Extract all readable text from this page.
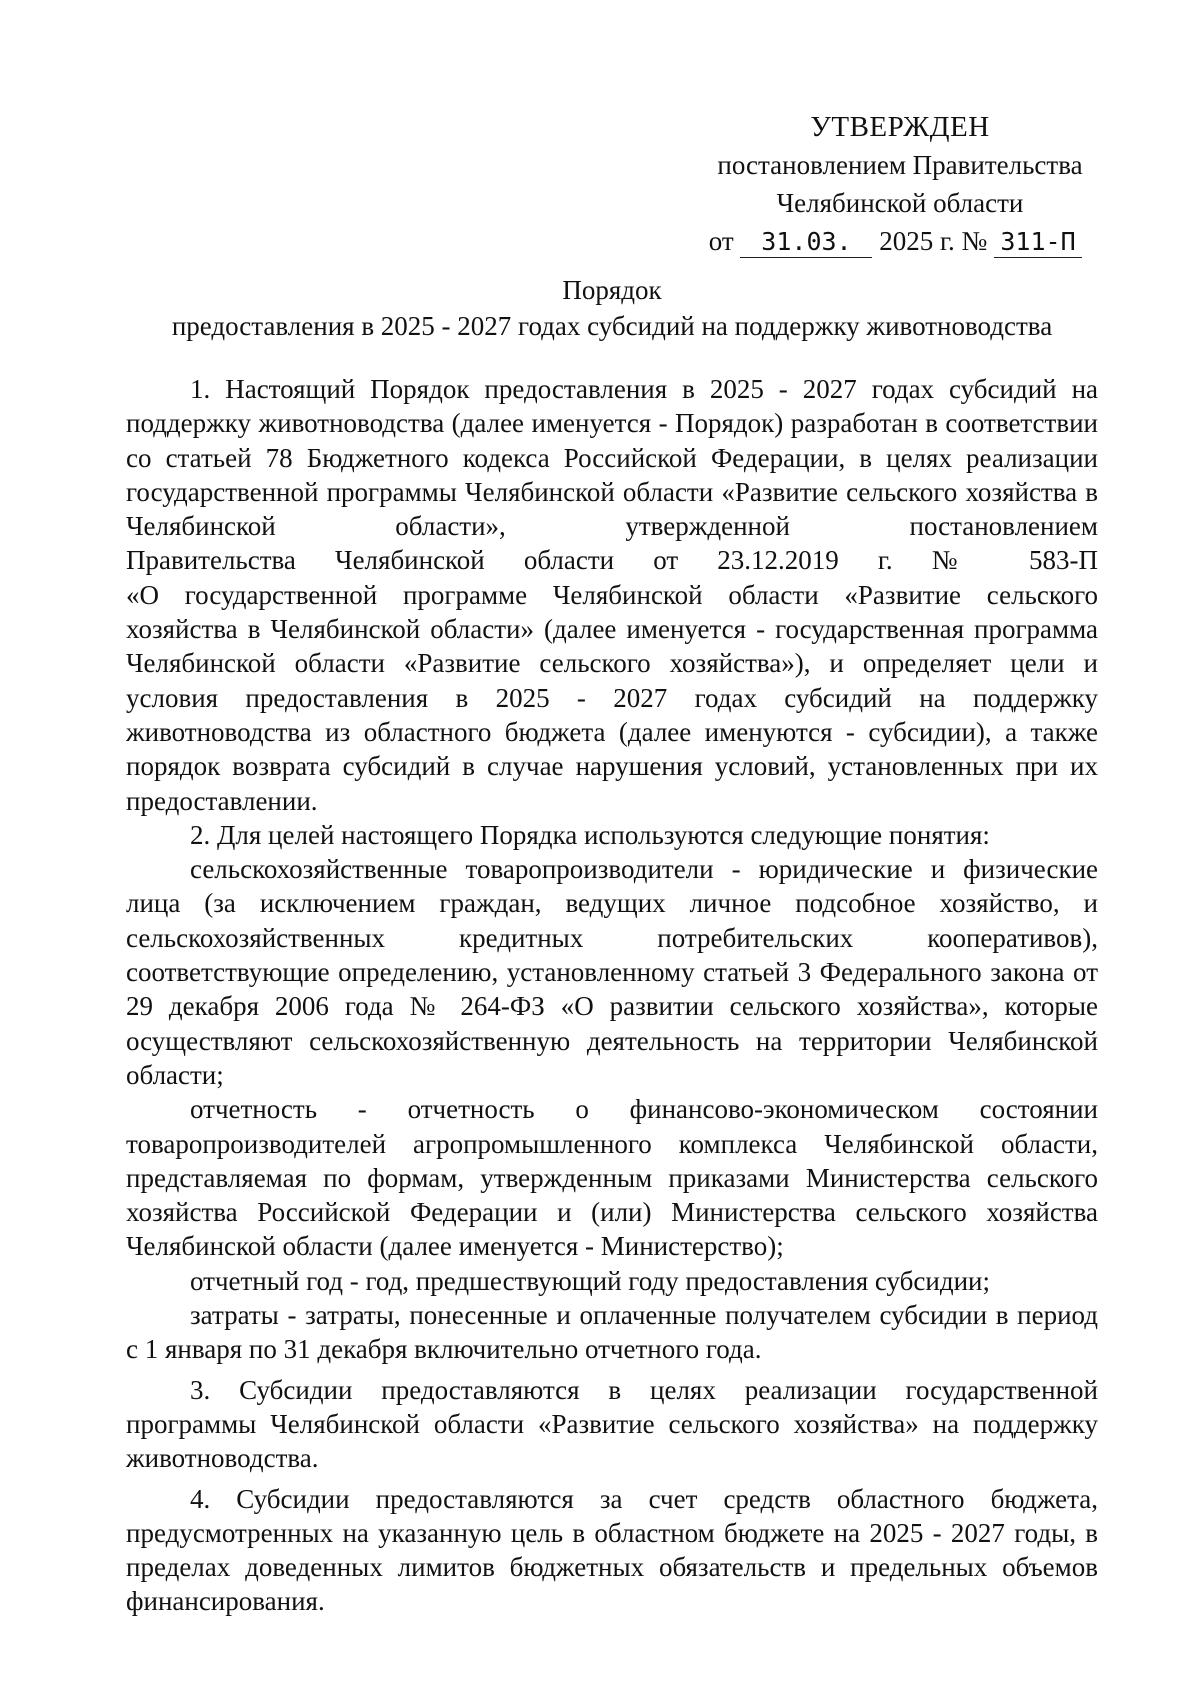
УТВЕРЖДЕН
постановлением Правительства
Челябинской области
от 31.03. 2025 г. № 311-П
Порядок
предоставления в 2025 - 2027 годах субсидий на поддержку животноводства

1. Настоящий Порядок предоставления в 2025 - 2027 годах субсидий на поддержку животноводства (далее именуется - Порядок) разработан в соответствии со статьей 78 Бюджетного кодекса Российской Федерации, в целях реализации государственной программы Челябинской области «Развитие сельского хозяйства в Челябинской области», утвержденной постановлением

Правительства Челябинской области от 23.12.2019 г. № 583-П

«О государственной программе Челябинской области «Развитие сельского хозяйства в Челябинской области» (далее именуется - государственная программа Челябинской области «Развитие сельского хозяйства»), и определяет цели и условия предоставления в 2025 - 2027 годах субсидий на поддержку животноводства из областного бюджета (далее именуются - субсидии), а также порядок возврата субсидий в случае нарушения условий, установленных при их предоставлении.

2. Для целей настоящего Порядка используются следующие понятия:

сельскохозяйственные товаропроизводители - юридические и физические лица (за исключением граждан, ведущих личное подсобное хозяйство, и сельскохозяйственных кредитных потребительских кооперативов), соответствующие определению, установленному статьей 3 Федерального закона от 29 декабря 2006 года № 264-ФЗ «О развитии сельского хозяйства», которые осуществляют сельскохозяйственную деятельность на территории Челябинской области;

отчетность - отчетность о финансово-экономическом состоянии товаропроизводителей агропромышленного комплекса Челябинской области, представляемая по формам, утвержденным приказами Министерства сельского хозяйства Российской Федерации и (или) Министерства сельского хозяйства Челябинской области (далее именуется - Министерство);

отчетный год - год, предшествующий году предоставления субсидии;

затраты - затраты, понесенные и оплаченные получателем субсидии в период с 1 января по 31 декабря включительно отчетного года.

3. Субсидии предоставляются в целях реализации государственной программы Челябинской области «Развитие сельского хозяйства» на поддержку животноводства.

4. Субсидии предоставляются за счет средств областного бюджета, предусмотренных на указанную цель в областном бюджете на 2025 - 2027 годы, в пределах доведенных лимитов бюджетных обязательств и предельных объемов финансирования.
